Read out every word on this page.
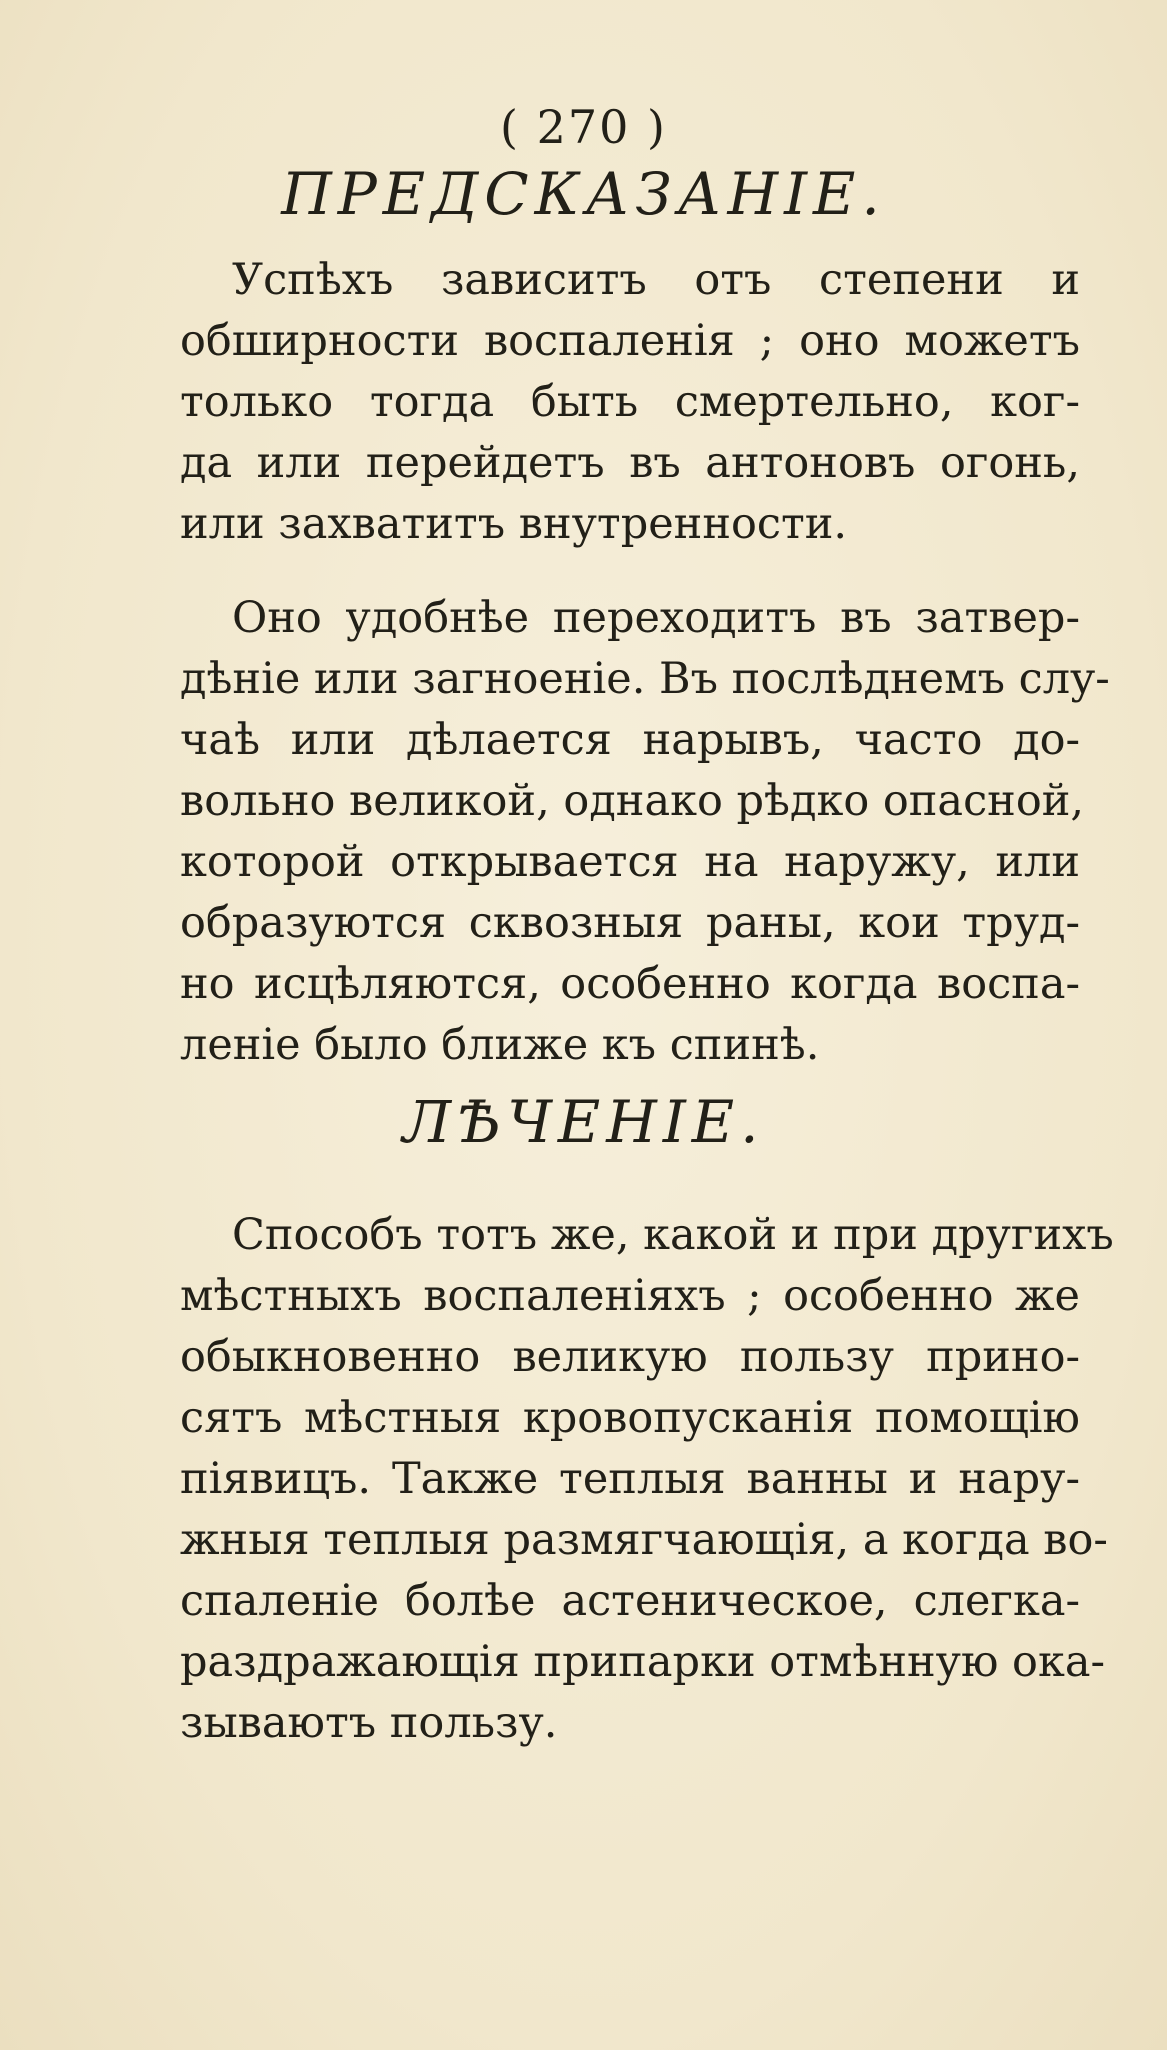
( 270 )
ПРЕДСКАЗАНІЕ.
Успѣхъ зависитъ отъ степени и
обширности воспаленія ; оно можетъ
только тогда быть смертельно, ког-
да или перейдетъ въ антоновъ огонь,
или захватитъ внутренности.
Оно удобнѣе переходитъ въ затвер-
дѣніе или загноеніе. Въ послѣднемъ слу-
чаѣ или дѣлается нарывъ, часто до-
вольно великой, однако рѣдко опасной,
которой открывается на наружу, или
образуются сквозныя раны, кои труд-
но исцѣляются, особенно когда воспа-
леніе было ближе къ спинѣ.
ЛѢЧЕНІЕ.
Способъ тотъ же, какой и при другихъ
мѣстныхъ воспаленіяхъ ; особенно же
обыкновенно великую пользу прино-
сятъ мѣстныя кровопусканія помощію
піявицъ. Также теплыя ванны и нару-
жныя теплыя размягчающія, а когда во-
спаленіе болѣе астеническое, слегка-
раздражающія припарки отмѣнную ока-
зываютъ пользу.
